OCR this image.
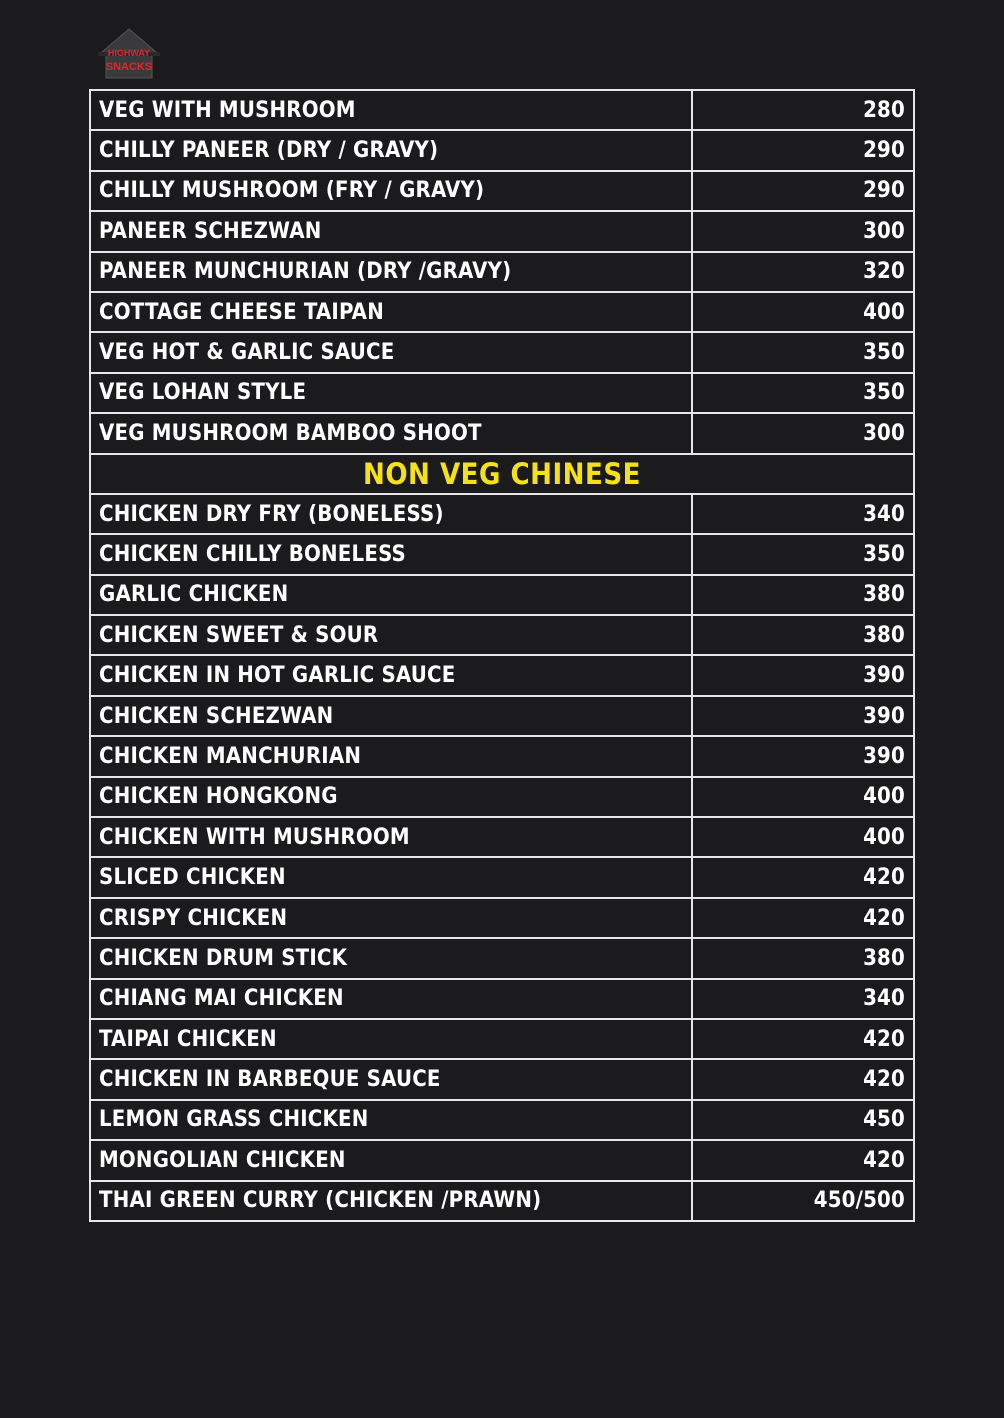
HIGHWAY
SNACKS
VEG WITH MUSHROOM	280
CHILLY PANEER (DRY / GRAVY)	290
CHILLY MUSHROOM (FRY / GRAVY)	290
PANEER SCHEZWAN	300
PANEER MUNCHURIAN (DRY /GRAVY)	320
COTTAGE CHEESE TAIPAN	400
VEG HOT & GARLIC SAUCE	350
VEG LOHAN STYLE	350
VEG MUSHROOM BAMBOO SHOOT	300
NON VEG CHINESE	
CHICKEN DRY FRY (BONELESS)	340
CHICKEN CHILLY BONELESS	350
GARLIC CHICKEN	380
CHICKEN SWEET & SOUR	380
CHICKEN IN HOT GARLIC SAUCE	390
CHICKEN SCHEZWAN	390
CHICKEN MANCHURIAN	390
CHICKEN HONGKONG	400
CHICKEN WITH MUSHROOM	400
SLICED CHICKEN	420
CRISPY CHICKEN	420
CHICKEN DRUM STICK	380
CHIANG MAI CHICKEN	340
TAIPAI CHICKEN	420
CHICKEN IN BARBEQUE SAUCE	420
LEMON GRASS CHICKEN	450
MONGOLIAN CHICKEN	420
THAI GREEN CURRY (CHICKEN /PRAWN)	450/500
